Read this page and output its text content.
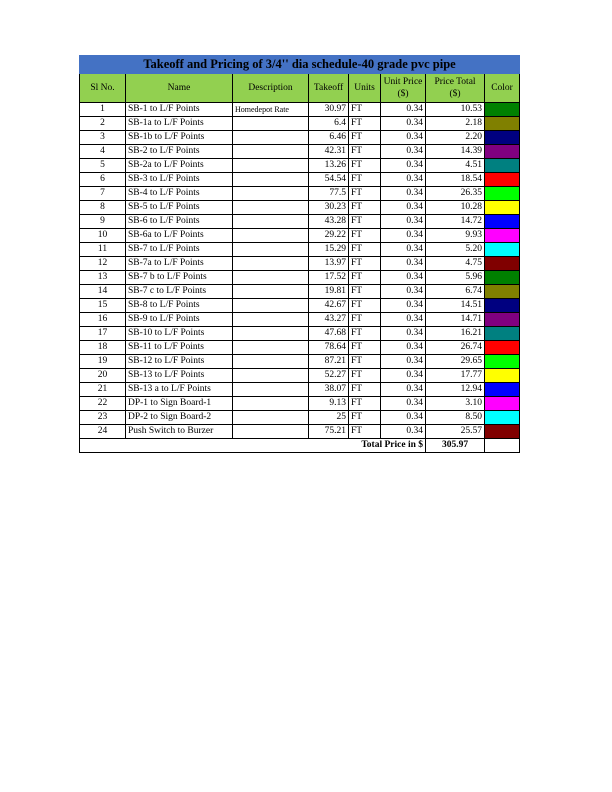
Takeoff and Pricing of 3/4'' dia schedule-40 grade pvc pipe							
Sl No.	Name	Description	Takeoff	Units	Unit Price ($)	Price Total ($)	Color
1	SB-1 to L/F Points	Homedepot Rate	30.97	FT	0.34	10.53	

2	SB-1a to L/F Points		6.4	FT	0.34	2.18	

3	SB-1b to L/F Points		6.46	FT	0.34	2.20	

4	SB-2 to L/F Points		42.31	FT	0.34	14.39	

5	SB-2a to L/F Points		13.26	FT	0.34	4.51	

6	SB-3 to L/F Points		54.54	FT	0.34	18.54	

7	SB-4 to L/F Points		77.5	FT	0.34	26.35	

8	SB-5 to L/F Points		30.23	FT	0.34	10.28	

9	SB-6 to L/F Points		43.28	FT	0.34	14.72	

10	SB-6a to L/F Points		29.22	FT	0.34	9.93	

11	SB-7 to L/F Points		15.29	FT	0.34	5.20	

12	SB-7a to L/F Points		13.97	FT	0.34	4.75	

13	SB-7 b to L/F Points		17.52	FT	0.34	5.96	

14	SB-7 c to L/F Points		19.81	FT	0.34	6.74	

15	SB-8 to L/F Points		42.67	FT	0.34	14.51	

16	SB-9 to L/F Points		43.27	FT	0.34	14.71	

17	SB-10 to L/F Points		47.68	FT	0.34	16.21	

18	SB-11 to L/F Points		78.64	FT	0.34	26.74	

19	SB-12 to L/F Points		87.21	FT	0.34	29.65	

20	SB-13 to L/F Points		52.27	FT	0.34	17.77	

21	SB-13 a to L/F Points		38.07	FT	0.34	12.94	

22	DP-1 to Sign Board-1		9.13	FT	0.34	3.10	

23	DP-2 to Sign Board-2		25	FT	0.34	8.50	

24	Push Switch to Burzer		75.21	FT	0.34	25.57	

Total Price in $						305.97	
